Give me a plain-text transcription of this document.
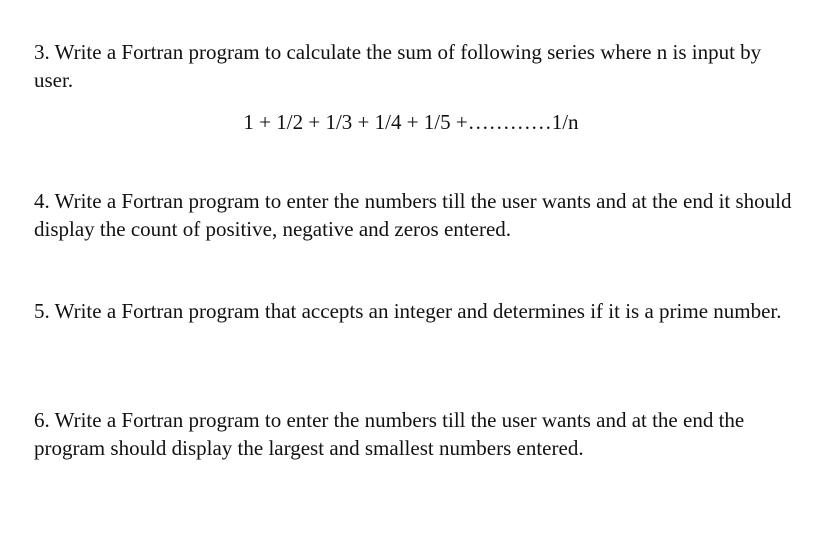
3. Write a Fortran program to calculate the sum of following series where n is input by user.

1 + 1/2 + 1/3 + 1/4 + 1/5 +…………1/n

4. Write a Fortran program to enter the numbers till the user wants and at the end it should display the count of positive, negative and zeros entered.

5. Write a Fortran program that accepts an integer and determines if it is a prime number.

6. Write a Fortran program to enter the numbers till the user wants and at the end the program should display the largest and smallest numbers entered.
